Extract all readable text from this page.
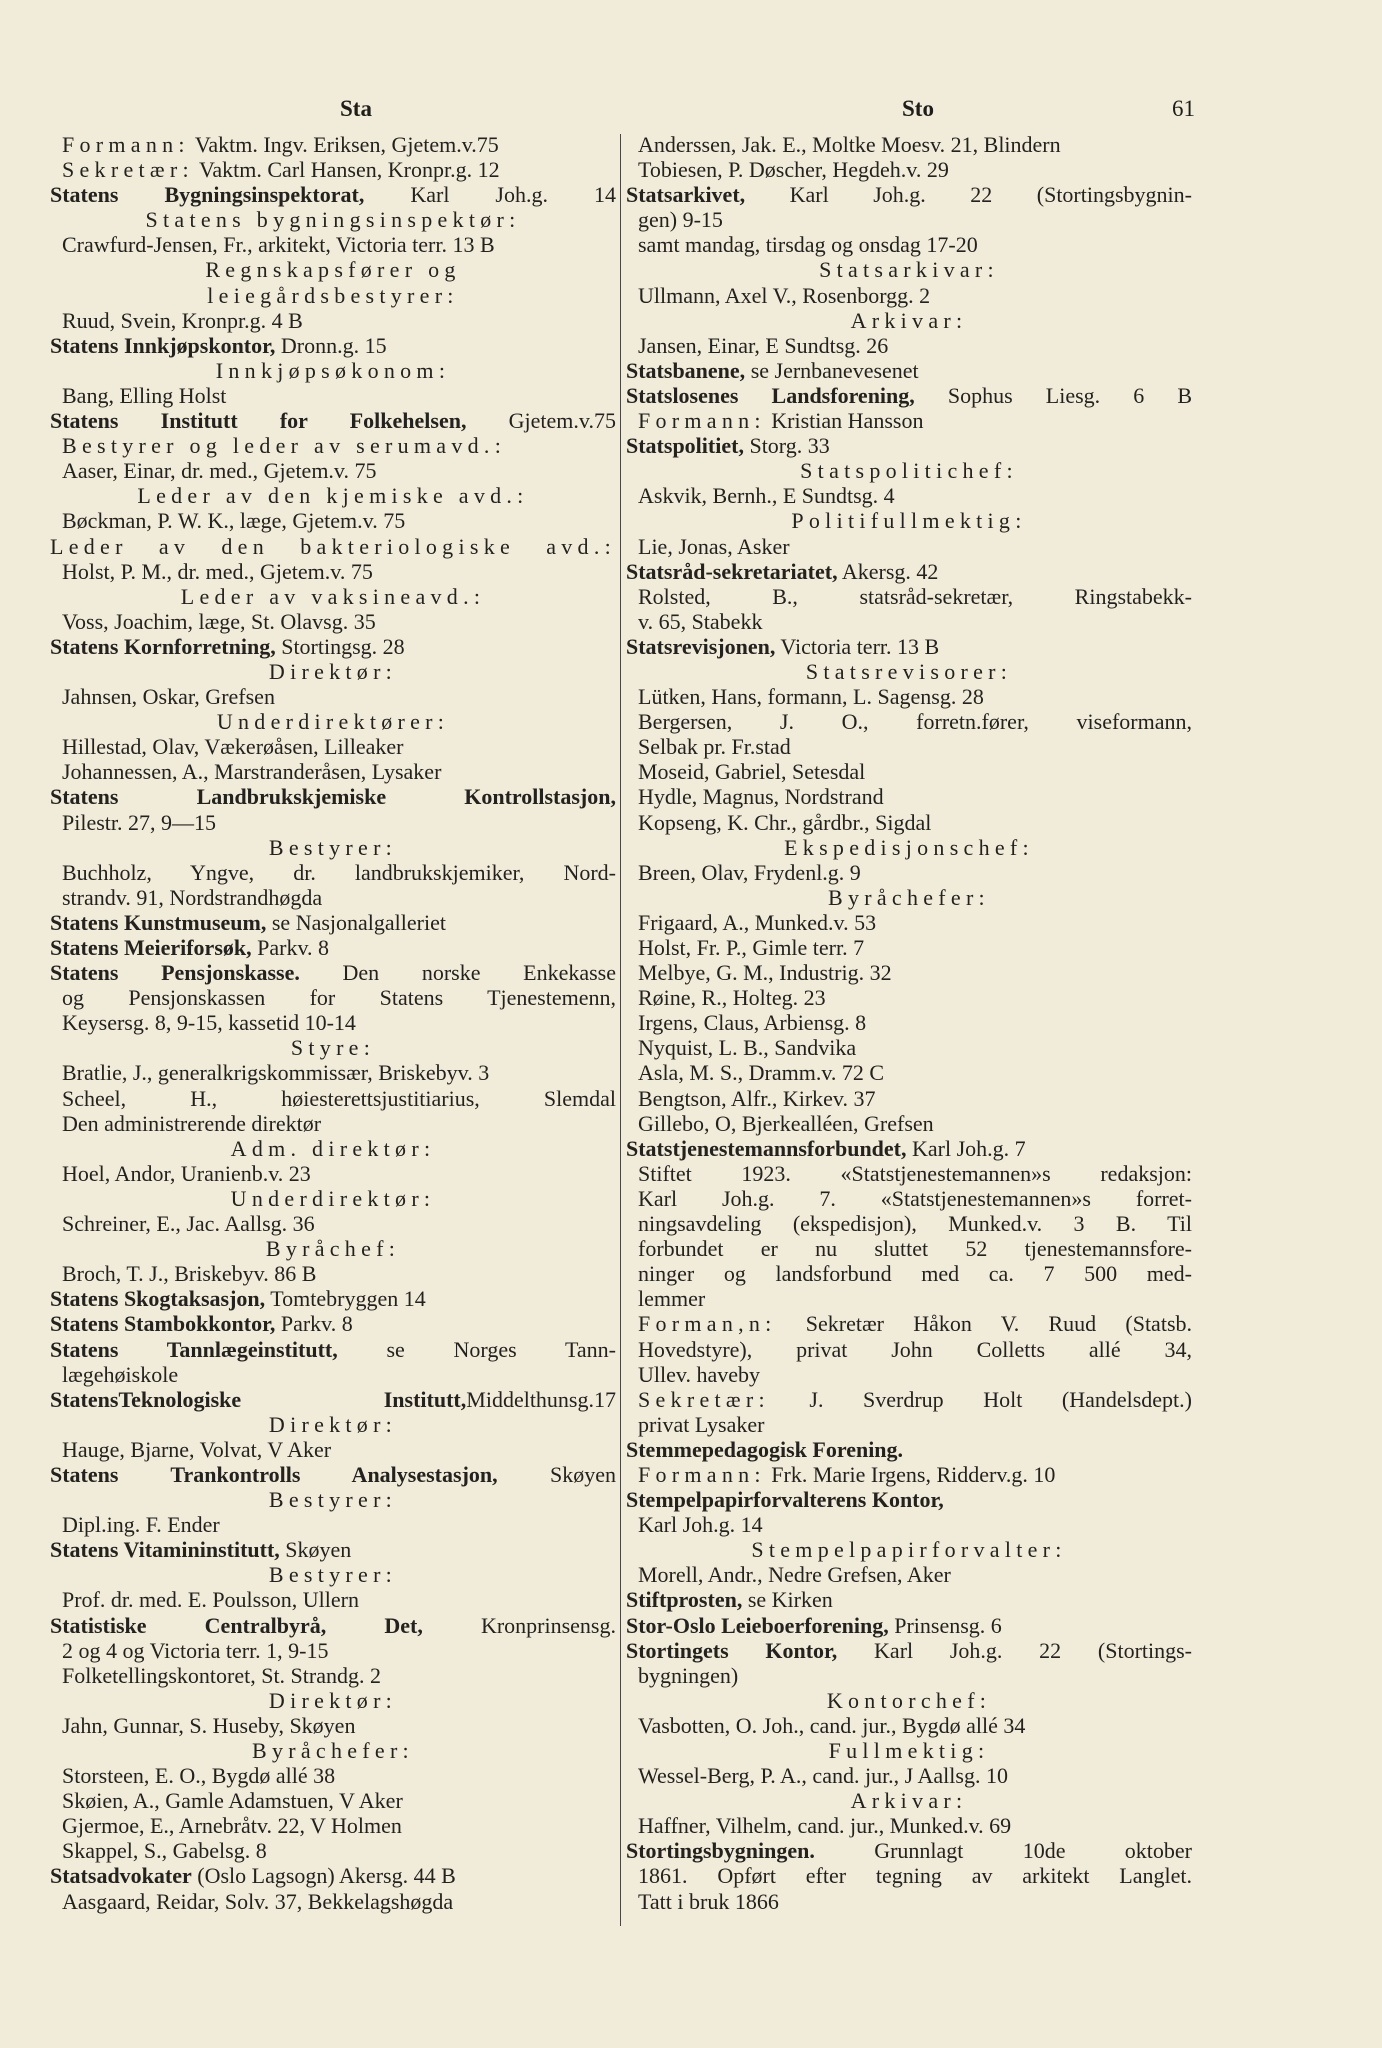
Sta	Sto	61
Formann: Vaktm. Ingv. Eriksen, Gjetem.v.75
Sekretær: Vaktm. Carl Hansen, Kronpr.g. 12
Statens Bygningsinspektorat, Karl Joh.g. 14
Statens bygningsinspektør:
Crawfurd-Jensen, Fr., arkitekt, Victoria terr. 13 B
Regnskapsfører og
leiegårdsbestyrer:
Ruud, Svein, Kronpr.g. 4 B
Statens Innkjøpskontor, Dronn.g. 15
Innkjøpsøkonom:
Bang, Elling Holst
Statens Institutt for Folkehelsen, Gjetem.v.75
Bestyrer og leder av serumavd.:
Aaser, Einar, dr. med., Gjetem.v. 75
Leder av den kjemiske avd.:
Bøckman, P. W. K., læge, Gjetem.v. 75
Leder av den bakteriologiske avd.:
Holst, P. M., dr. med., Gjetem.v. 75
Leder av vaksineavd.:
Voss, Joachim, læge, St. Olavsg. 35
Statens Kornforretning, Stortingsg. 28
Direktør:
Jahnsen, Oskar, Grefsen
Underdirektører:
Hillestad, Olav, Vækerøåsen, Lilleaker
Johannessen, A., Marstranderåsen, Lysaker
Statens Landbrukskjemiske Kontrollstasjon,
Pilestr. 27, 9—15
Bestyrer:
Buchholz, Yngve, dr. landbrukskjemiker, Nord-
strandv. 91, Nordstrandhøgda
Statens Kunstmuseum, se Nasjonalgalleriet
Statens Meieriforsøk, Parkv. 8
Statens Pensjonskasse. Den norske Enkekasse
og Pensjonskassen for Statens Tjenestemenn,
Keysersg. 8, 9-15, kassetid 10-14
Styre:
Bratlie, J., generalkrigskommissær, Briskebyv. 3
Scheel, H., høiesterettsjustitiarius, Slemdal
Den administrerende direktør
Adm. direktør:
Hoel, Andor, Uranienb.v. 23
Underdirektør:
Schreiner, E., Jac. Aallsg. 36
Byråchef:
Broch, T. J., Briskebyv. 86 B
Statens Skogtaksasjon, Tomtebryggen 14
Statens Stambokkontor, Parkv. 8
Statens Tannlægeinstitutt, se Norges Tann-
lægehøiskole
StatensTeknologiske Institutt,Middelthunsg.17
Direktør:
Hauge, Bjarne, Volvat, V Aker
Statens Trankontrolls Analysestasjon, Skøyen
Bestyrer:
Dipl.ing. F. Ender
Statens Vitamininstitutt, Skøyen
Bestyrer:
Prof. dr. med. E. Poulsson, Ullern
Statistiske Centralbyrå, Det, Kronprinsensg.
2 og 4 og Victoria terr. 1, 9-15
Folketellingskontoret, St. Strandg. 2
Direktør:
Jahn, Gunnar, S. Huseby, Skøyen
Byråchefer:
Storsteen, E. O., Bygdø allé 38
Skøien, A., Gamle Adamstuen, V Aker
Gjermoe, E., Arnebråtv. 22, V Holmen
Skappel, S., Gabelsg. 8
Statsadvokater (Oslo Lagsogn) Akersg. 44 B
Aasgaard, Reidar, Solv. 37, Bekkelagshøgda
Anderssen, Jak. E., Moltke Moesv. 21, Blindern
Tobiesen, P. Døscher, Hegdeh.v. 29
Statsarkivet, Karl Joh.g. 22 (Stortingsbygnin-
gen) 9-15
samt mandag, tirsdag og onsdag 17-20
Statsarkivar:
Ullmann, Axel V., Rosenborgg. 2
Arkivar:
Jansen, Einar, E Sundtsg. 26
Statsbanene, se Jernbanevesenet
Statslosenes Landsforening, Sophus Liesg. 6 B
Formann: Kristian Hansson
Statspolitiet, Storg. 33
Statspolitichef:
Askvik, Bernh., E Sundtsg. 4
Politifullmektig:
Lie, Jonas, Asker
Statsråd-sekretariatet, Akersg. 42
Rolsted, B., statsråd-sekretær, Ringstabekk-
v. 65, Stabekk
Statsrevisjonen, Victoria terr. 13 B
Statsrevisorer:
Lütken, Hans, formann, L. Sagensg. 28
Bergersen, J. O., forretn.fører, viseformann,
Selbak pr. Fr.stad
Moseid, Gabriel, Setesdal
Hydle, Magnus, Nordstrand
Kopseng, K. Chr., gårdbr., Sigdal
Ekspedisjonschef:
Breen, Olav, Frydenl.g. 9
Byråchefer:
Frigaard, A., Munked.v. 53
Holst, Fr. P., Gimle terr. 7
Melbye, G. M., Industrig. 32
Røine, R., Holteg. 23
Irgens, Claus, Arbiensg. 8
Nyquist, L. B., Sandvika
Asla, M. S., Dramm.v. 72 C
Bengtson, Alfr., Kirkev. 37
Gillebo, O, Bjerkealléen, Grefsen
Statstjenestemannsforbundet, Karl Joh.g. 7
Stiftet 1923. «Statstjenestemannen»s redaksjon:
Karl Joh.g. 7. «Statstjenestemannen»s forret-
ningsavdeling (ekspedisjon), Munked.v. 3 B. Til
forbundet er nu sluttet 52 tjenestemannsfore-
ninger og landsforbund med ca. 7 500 med-
lemmer
Forman,n: Sekretær Håkon V. Ruud (Statsb.
Hovedstyre), privat John Colletts allé 34,
Ullev. haveby
Sekretær: J. Sverdrup Holt (Handelsdept.)
privat Lysaker
Stemmepedagogisk Forening.
Formann: Frk. Marie Irgens, Ridderv.g. 10
Stempelpapirforvalterens Kontor,
Karl Joh.g. 14
Stempelpapirforvalter:
Morell, Andr., Nedre Grefsen, Aker
Stiftprosten, se Kirken
Stor-Oslo Leieboerforening, Prinsensg. 6
Stortingets Kontor, Karl Joh.g. 22 (Stortings-
bygningen)
Kontorchef:
Vasbotten, O. Joh., cand. jur., Bygdø allé 34
Fullmektig:
Wessel-Berg, P. A., cand. jur., J Aallsg. 10
Arkivar:
Haffner, Vilhelm, cand. jur., Munked.v. 69
Stortingsbygningen. Grunnlagt 10de oktober
1861. Opført efter tegning av arkitekt Langlet.
Tatt i bruk 1866
